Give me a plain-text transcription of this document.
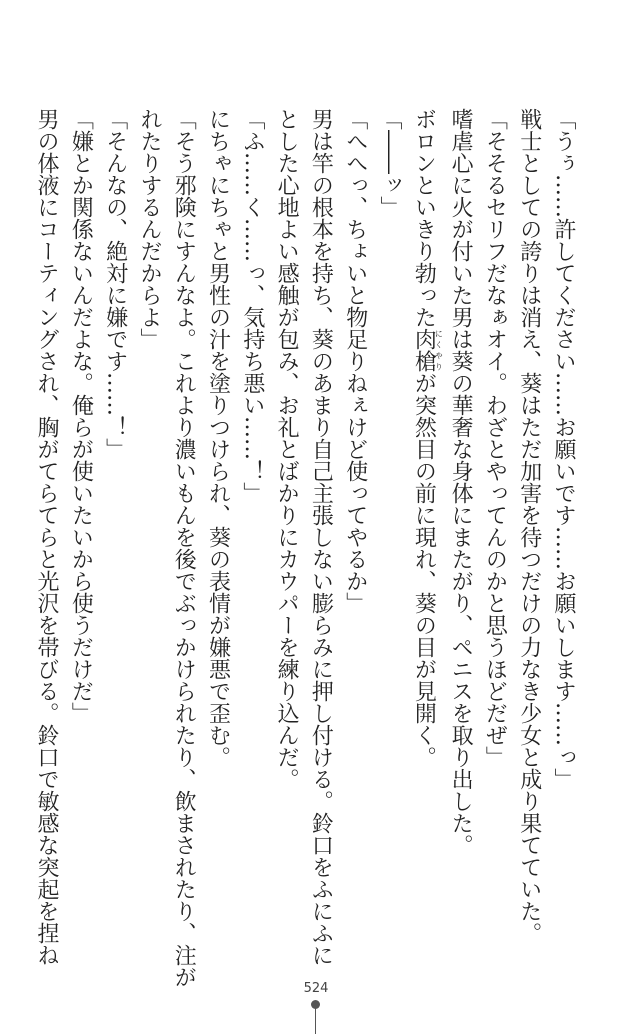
「うぅ……許してください……お願いです……お願いします……っ」
戦士としての誇りは消え、葵はただ加害を待つだけの力なき少女と成り果てていた。
「そそるセリフだなぁオイ。わざとやってんのかと思うほどだぜ」
嗜虐心に火が付いた男は葵の華奢な身体にまたがり、ペニスを取り出した。
ボロンといきり勃った肉槍にくやりが突然目の前に現れ、葵の目が見開く。
「――ッ」
「へへっ、ちょいと物足りねぇけど使ってやるか」
男は竿の根本を持ち、葵のあまり自己主張しない膨らみに押し付ける。鈴口をふにふに
とした心地よい感触が包み、お礼とばかりにカウパーを練り込んだ。
「ふ……く……っ、気持ち悪い……！」
にちゃにちゃと男性の汁を塗りつけられ、葵の表情が嫌悪で歪む。
「そう邪険にすんなよ。これより濃いもんを後でぶっかけられたり、飲まされたり、注が
れたりするんだからよ」
「そんなの、絶対に嫌です……！」
「嫌とか関係ないんだよな。俺らが使いたいから使うだけだ」
男の体液にコーティングされ、胸がてらてらと光沢を帯びる。鈴口で敏感な突起を捏ね
524
